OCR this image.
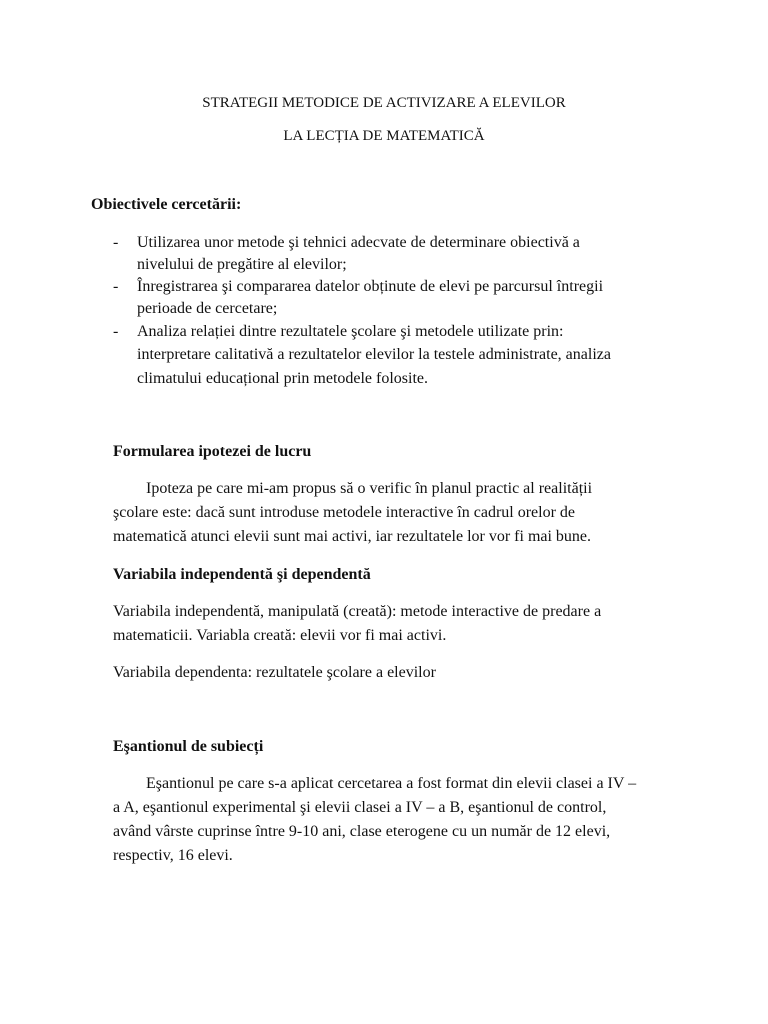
STRATEGII METODICE DE ACTIVIZARE A ELEVILOR
LA LECȚIA DE MATEMATICĂ
Obiectivele cercetării:
- Utilizarea unor metode şi tehnici adecvate de determinare obiectivă a
nivelului de pregătire al elevilor;
- Înregistrarea şi compararea datelor obținute de elevi pe parcursul întregii
perioade de cercetare;
- Analiza relației dintre rezultatele şcolare şi metodele utilizate prin:
interpretare calitativă a rezultatelor elevilor la testele administrate, analiza
climatului educațional prin metodele folosite.
Formularea ipotezei de lucru
Ipoteza pe care mi-am propus să o verific în planul practic al realității
şcolare este: dacă sunt introduse metodele interactive în cadrul orelor de
matematică atunci elevii sunt mai activi, iar rezultatele lor vor fi mai bune.
Variabila independentă şi dependentă
Variabila independentă, manipulată (creată): metode interactive de predare a
matematicii. Variabla creată: elevii vor fi mai activi.
Variabila dependenta: rezultatele şcolare a elevilor
Eşantionul de subiecți
Eşantionul pe care s-a aplicat cercetarea a fost format din elevii clasei a IV –
a A, eşantionul experimental şi elevii clasei a IV – a B, eşantionul de control,
având vârste cuprinse între 9-10 ani, clase eterogene cu un număr de 12 elevi,
respectiv, 16 elevi.
